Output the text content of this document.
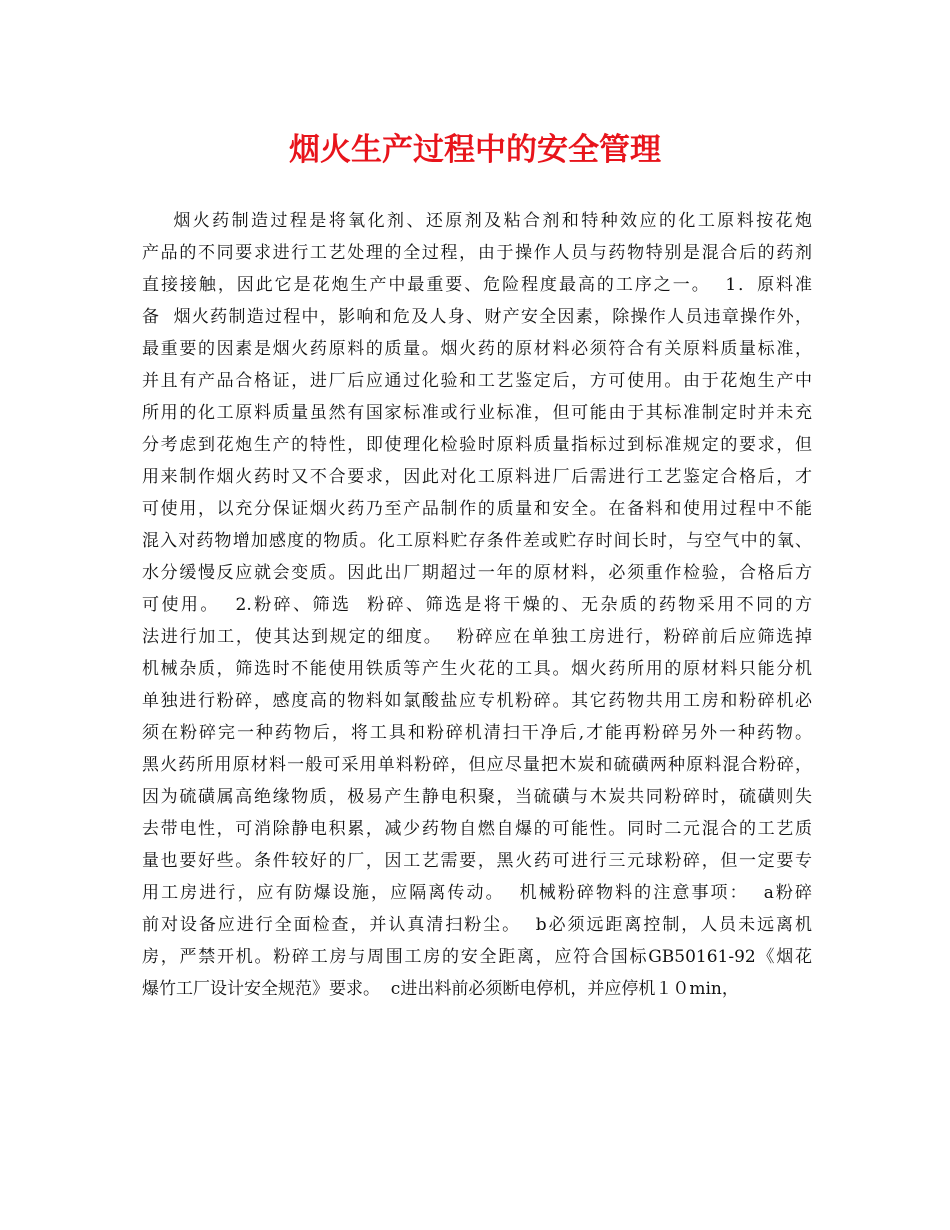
烟火生产过程中的安全管理
烟火药制造过程是将氧化剂、还原剂及粘合剂和特种效应的化工原料按花炮
产品的不同要求进行工艺处理的全过程，由于操作人员与药物特别是混合后的药剂
直接接触，因此它是花炮生产中最重要、危险程度最高的工序之一。  1．原料准
备  烟火药制造过程中，影响和危及人身、财产安全因素，除操作人员违章操作外，
最重要的因素是烟火药原料的质量。烟火药的原材料必须符合有关原料质量标准，
并且有产品合格证，进厂后应通过化验和工艺鉴定后，方可使用。由于花炮生产中
所用的化工原料质量虽然有国家标准或行业标准，但可能由于其标准制定时并未充
分考虑到花炮生产的特性，即使理化检验时原料质量指标过到标准规定的要求，但
用来制作烟火药时又不合要求，因此对化工原料进厂后需进行工艺鉴定合格后，才
可使用，以充分保证烟火药乃至产品制作的质量和安全。在备料和使用过程中不能
混入对药物增加感度的物质。化工原料贮存条件差或贮存时间长时，与空气中的氧、
水分缓慢反应就会变质。因此出厂期超过一年的原材料，必须重作检验，合格后方
可使用。  2.粉碎、筛选  粉碎、筛选是将干燥的、无杂质的药物采用不同的方
法进行加工，使其达到规定的细度。  粉碎应在单独工房进行，粉碎前后应筛选掉
机械杂质，筛选时不能使用铁质等产生火花的工具。烟火药所用的原材料只能分机
单独进行粉碎，感度高的物料如氯酸盐应专机粉碎。其它药物共用工房和粉碎机必
须在粉碎完一种药物后，将工具和粉碎机清扫干净后,才能再粉碎另外一种药物。
黑火药所用原材料一般可采用单料粉碎，但应尽量把木炭和硫磺两种原料混合粉碎，
因为硫磺属高绝缘物质，极易产生静电积聚，当硫磺与木炭共同粉碎时，硫磺则失
去带电性，可消除静电积累，减少药物自燃自爆的可能性。同时二元混合的工艺质
量也要好些。条件较好的厂，因工艺需要，黑火药可进行三元球粉碎，但一定要专
用工房进行，应有防爆设施，应隔离传动。  机械粉碎物料的注意事项：  a粉碎
前对设备应进行全面检查，并认真清扫粉尘。  b必须远距离控制，人员未远离机
房，严禁开机。粉碎工房与周围工房的安全距离，应符合国标GB50161-92《烟花
爆竹工厂设计安全规范》要求。  c进出料前必须断电停机，并应停机１０min，
